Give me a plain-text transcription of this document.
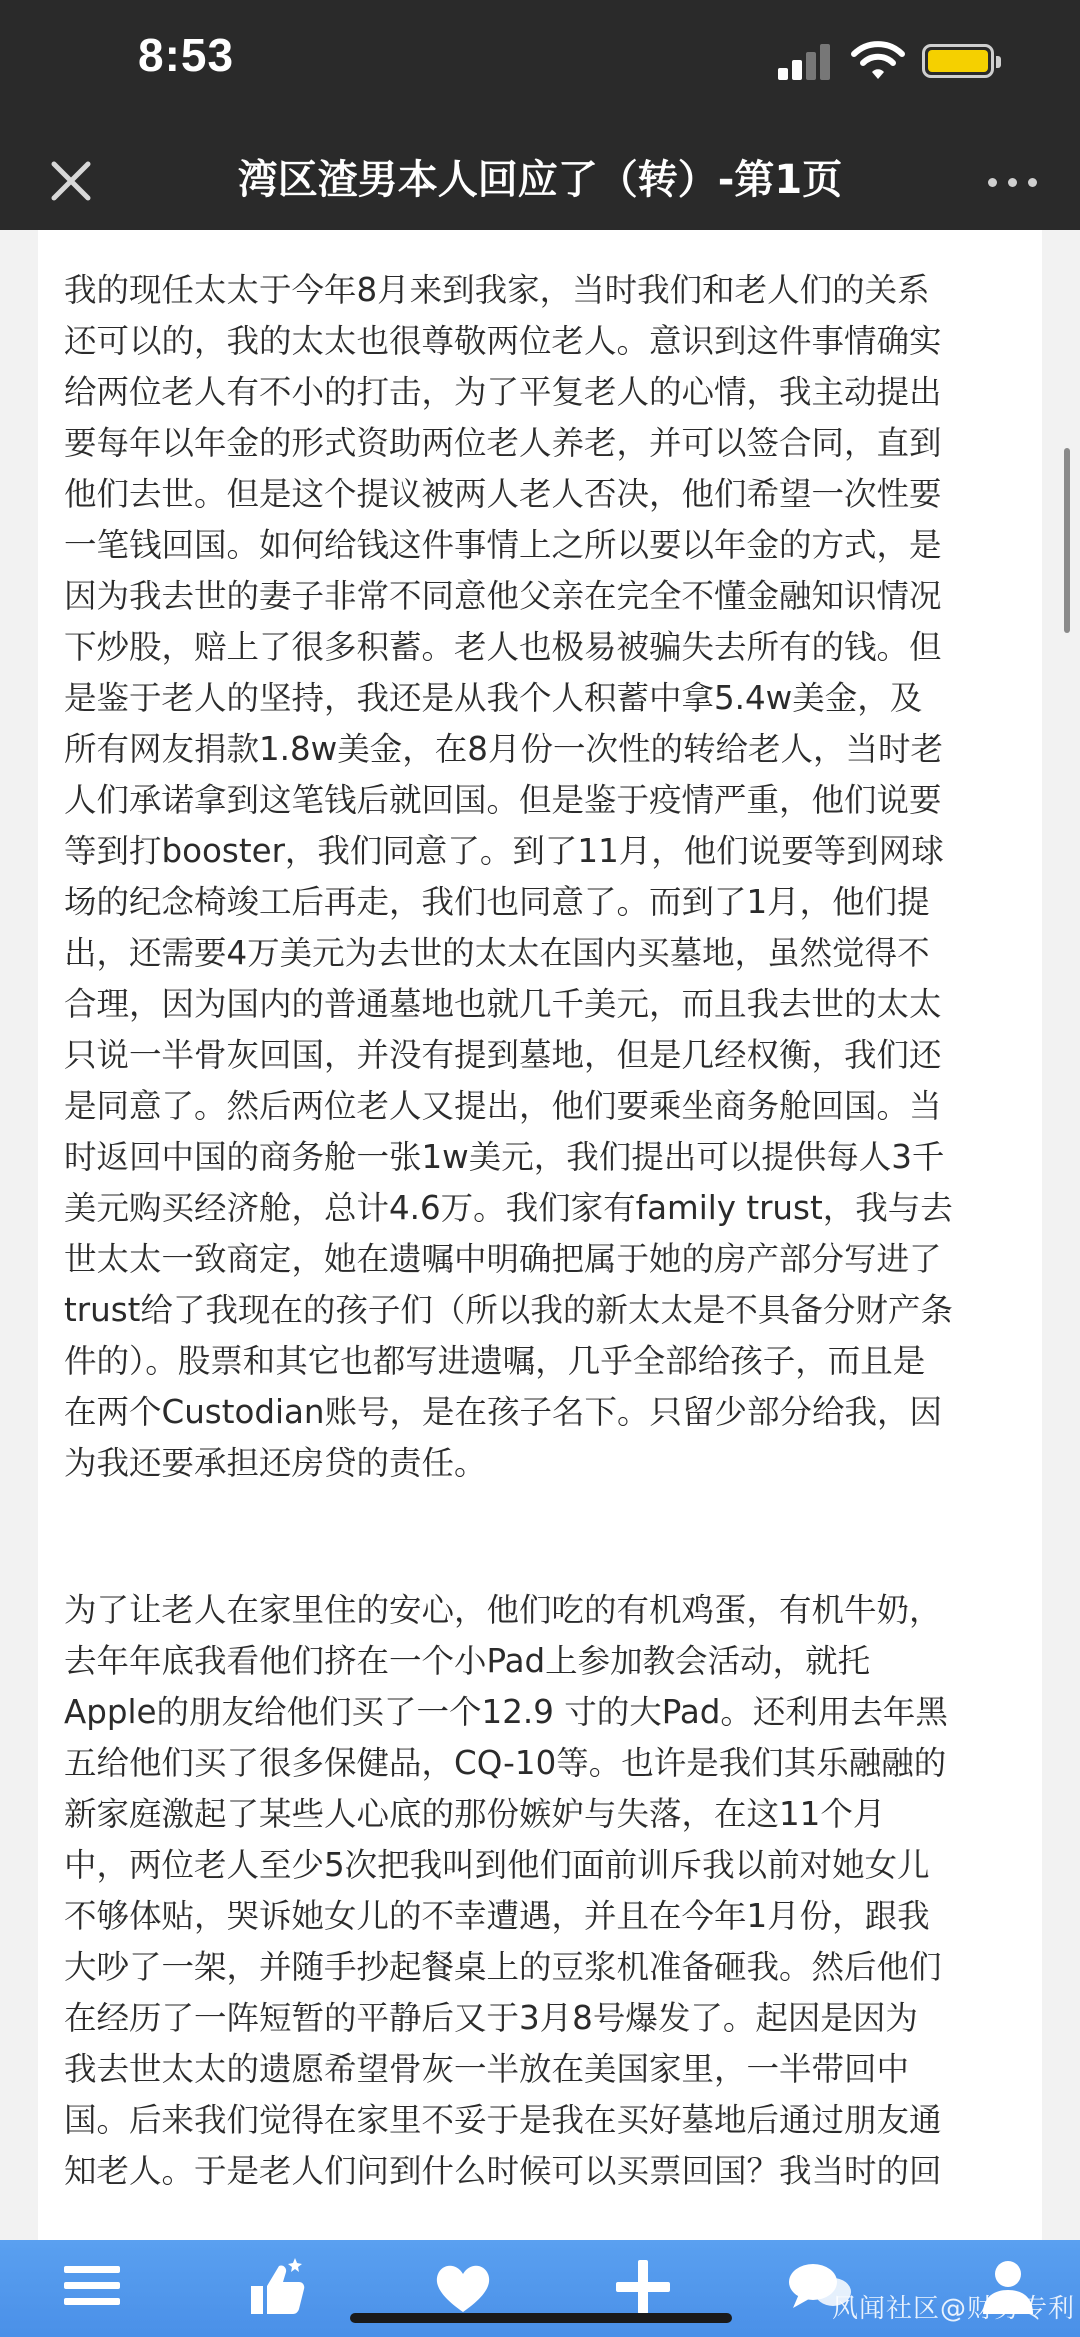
8:53
湾区渣男本人回应了（转）-第1页

我的现任太太于今年8月来到我家，当时我们和老人们的关系
还可以的，我的太太也很尊敬两位老人。意识到这件事情确实
给两位老人有不小的打击，为了平复老人的心情，我主动提出
要每年以年金的形式资助两位老人养老，并可以签合同，直到
他们去世。但是这个提议被两人老人否决，他们希望一次性要
一笔钱回国。如何给钱这件事情上之所以要以年金的方式，是
因为我去世的妻子非常不同意他父亲在完全不懂金融知识情况
下炒股，赔上了很多积蓄。老人也极易被骗失去所有的钱。但
是鉴于老人的坚持，我还是从我个人积蓄中拿5.4w美金，及
所有网友捐款1.8w美金，在8月份一次性的转给老人，当时老
人们承诺拿到这笔钱后就回国。但是鉴于疫情严重，他们说要
等到打booster，我们同意了。到了11月，他们说要等到网球
场的纪念椅竣工后再走，我们也同意了。而到了1月，他们提
出，还需要4万美元为去世的太太在国内买墓地，虽然觉得不
合理，因为国内的普通墓地也就几千美元，而且我去世的太太
只说一半骨灰回国，并没有提到墓地，但是几经权衡，我们还
是同意了。然后两位老人又提出，他们要乘坐商务舱回国。当
时返回中国的商务舱一张1w美元，我们提出可以提供每人3千
美元购买经济舱，总计4.6万。我们家有family trust，我与去
世太太一致商定，她在遗嘱中明确把属于她的房产部分写进了
trust给了我现在的孩子们（所以我的新太太是不具备分财产条
件的）。股票和其它也都写进遗嘱，几乎全部给孩子，而且是
在两个Custodian账号，是在孩子名下。只留少部分给我，因
为我还要承担还房贷的责任。

为了让老人在家里住的安心，他们吃的有机鸡蛋，有机牛奶，
去年年底我看他们挤在一个小Pad上参加教会活动，就托
Apple的朋友给他们买了一个12.9 寸的大Pad。还利用去年黑
五给他们买了很多保健品，CQ-10等。也许是我们其乐融融的
新家庭激起了某些人心底的那份嫉妒与失落，在这11个月
中，两位老人至少5次把我叫到他们面前训斥我以前对她女儿
不够体贴，哭诉她女儿的不幸遭遇，并且在今年1月份，跟我
大吵了一架，并随手抄起餐桌上的豆浆机准备砸我。然后他们
在经历了一阵短暂的平静后又于3月8号爆发了。起因是因为
我去世太太的遗愿希望骨灰一半放在美国家里，一半带回中
国。后来我们觉得在家里不妥于是我在买好墓地后通过朋友通
知老人。于是老人们问到什么时候可以买票回国？我当时的回

风闻社区@财务专利
